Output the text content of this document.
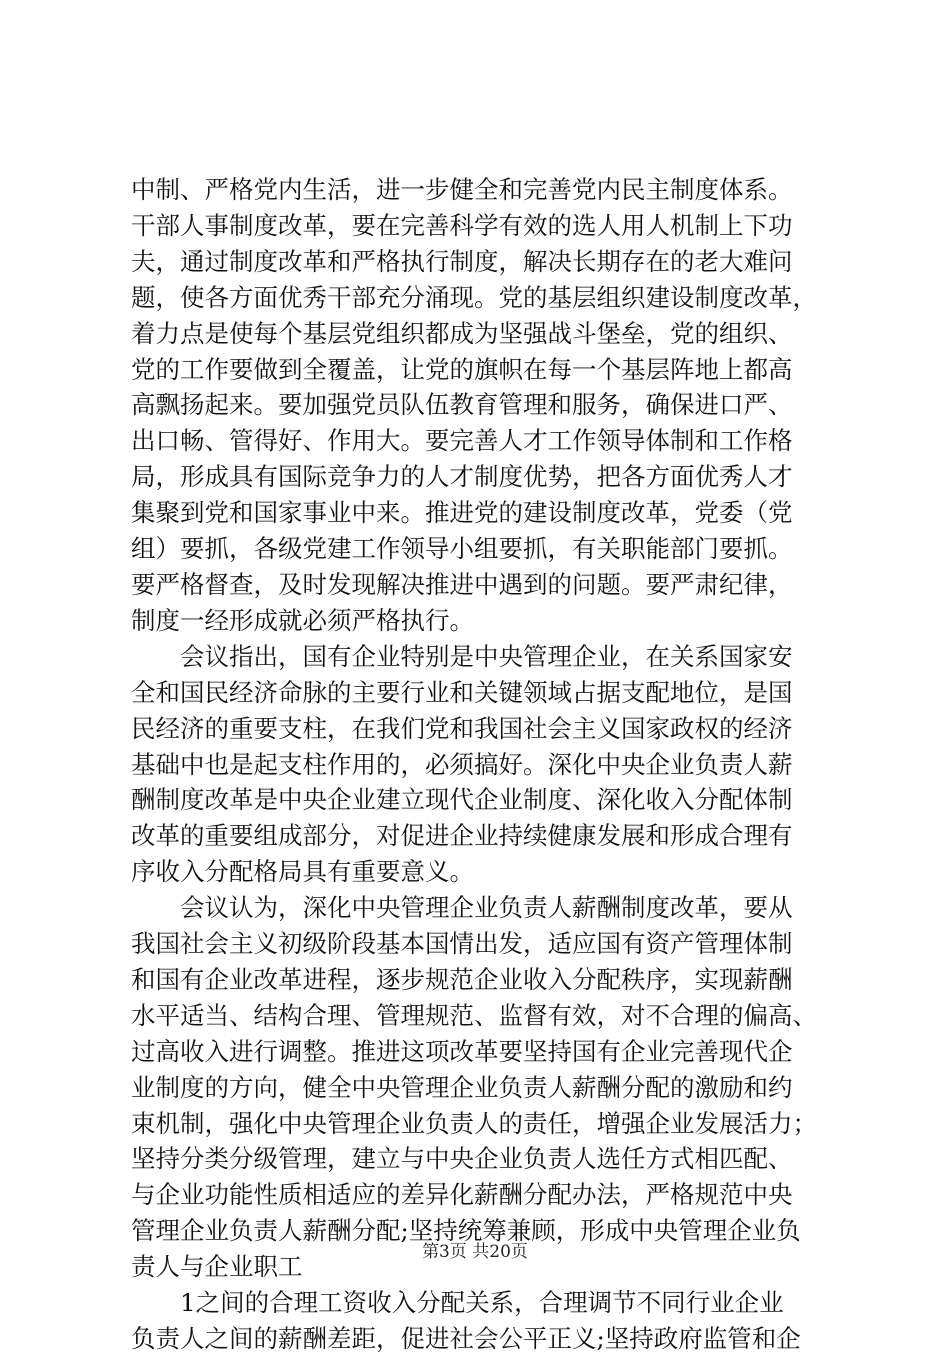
中制、严格党内生活，进一步健全和完善党内民主制度体系。
干部人事制度改革，要在完善科学有效的选人用人机制上下功
夫，通过制度改革和严格执行制度，解决长期存在的老大难问
题，使各方面优秀干部充分涌现。党的基层组织建设制度改革，
着力点是使每个基层党组织都成为坚强战斗堡垒，党的组织、
党的工作要做到全覆盖，让党的旗帜在每一个基层阵地上都高
高飘扬起来。要加强党员队伍教育管理和服务，确保进口严、
出口畅、管得好、作用大。要完善人才工作领导体制和工作格
局，形成具有国际竞争力的人才制度优势，把各方面优秀人才
集聚到党和国家事业中来。推进党的建设制度改革，党委（党
组）要抓，各级党建工作领导小组要抓，有关职能部门要抓。
要严格督查，及时发现解决推进中遇到的问题。要严肃纪律，
制度一经形成就必须严格执行。

　　会议指出，国有企业特别是中央管理企业，在关系国家安
全和国民经济命脉的主要行业和关键领域占据支配地位，是国
民经济的重要支柱，在我们党和我国社会主义国家政权的经济
基础中也是起支柱作用的，必须搞好。深化中央企业负责人薪
酬制度改革是中央企业建立现代企业制度、深化收入分配体制
改革的重要组成部分，对促进企业持续健康发展和形成合理有
序收入分配格局具有重要意义。

　　会议认为，深化中央管理企业负责人薪酬制度改革，要从
我国社会主义初级阶段基本国情出发，适应国有资产管理体制
和国有企业改革进程，逐步规范企业收入分配秩序，实现薪酬
水平适当、结构合理、管理规范、监督有效，对不合理的偏高、
过高收入进行调整。推进这项改革要坚持国有企业完善现代企
业制度的方向，健全中央管理企业负责人薪酬分配的激励和约
束机制，强化中央管理企业负责人的责任，增强企业发展活力；
坚持分类分级管理，建立与中央企业负责人选任方式相匹配、
与企业功能性质相适应的差异化薪酬分配办法，严格规范中央
管理企业负责人薪酬分配;坚持统筹兼顾，形成中央管理企业负
责人与企业职工

　　1之间的合理工资收入分配关系，合理调节不同行业企业
负责人之间的薪酬差距，促进社会公平正义;坚持政府监管和企

第3页 共20页
